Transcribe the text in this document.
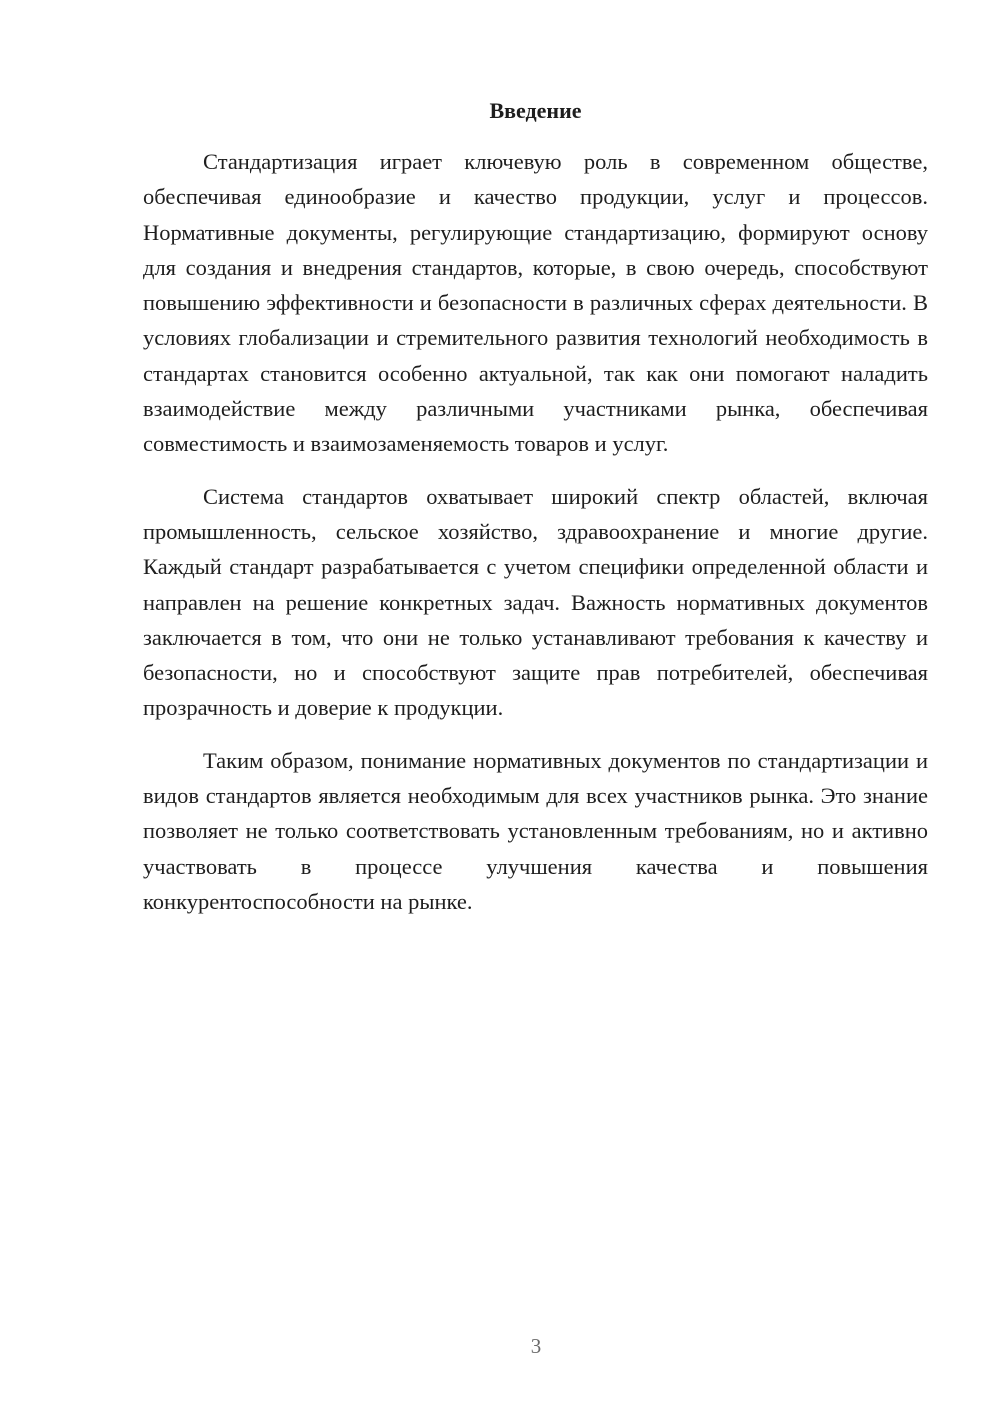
Введение

Стандартизация играет ключевую роль в современном обществе, обеспечивая единообразие и качество продукции, услуг и процессов. Нормативные документы, регулирующие стандартизацию, формируют основу для создания и внедрения стандартов, которые, в свою очередь, способствуют повышению эффективности и безопасности в различных сферах деятельности. В условиях глобализации и стремительного развития технологий необходимость в стандартах становится особенно актуальной, так как они помогают наладить взаимодействие между различными участниками рынка, обеспечивая совместимость и взаимозаменяемость товаров и услуг.

Система стандартов охватывает широкий спектр областей, включая промышленность, сельское хозяйство, здравоохранение и многие другие. Каждый стандарт разрабатывается с учетом специфики определенной области и направлен на решение конкретных задач. Важность нормативных документов заключается в том, что они не только устанавливают требования к качеству и безопасности, но и способствуют защите прав потребителей, обеспечивая прозрачность и доверие к продукции.

Таким образом, понимание нормативных документов по стандартизации и видов стандартов является необходимым для всех участников рынка. Это знание позволяет не только соответствовать установленным требованиям, но и активно участвовать в процессе улучшения качества и повышения конкурентоспособности на рынке.

3
